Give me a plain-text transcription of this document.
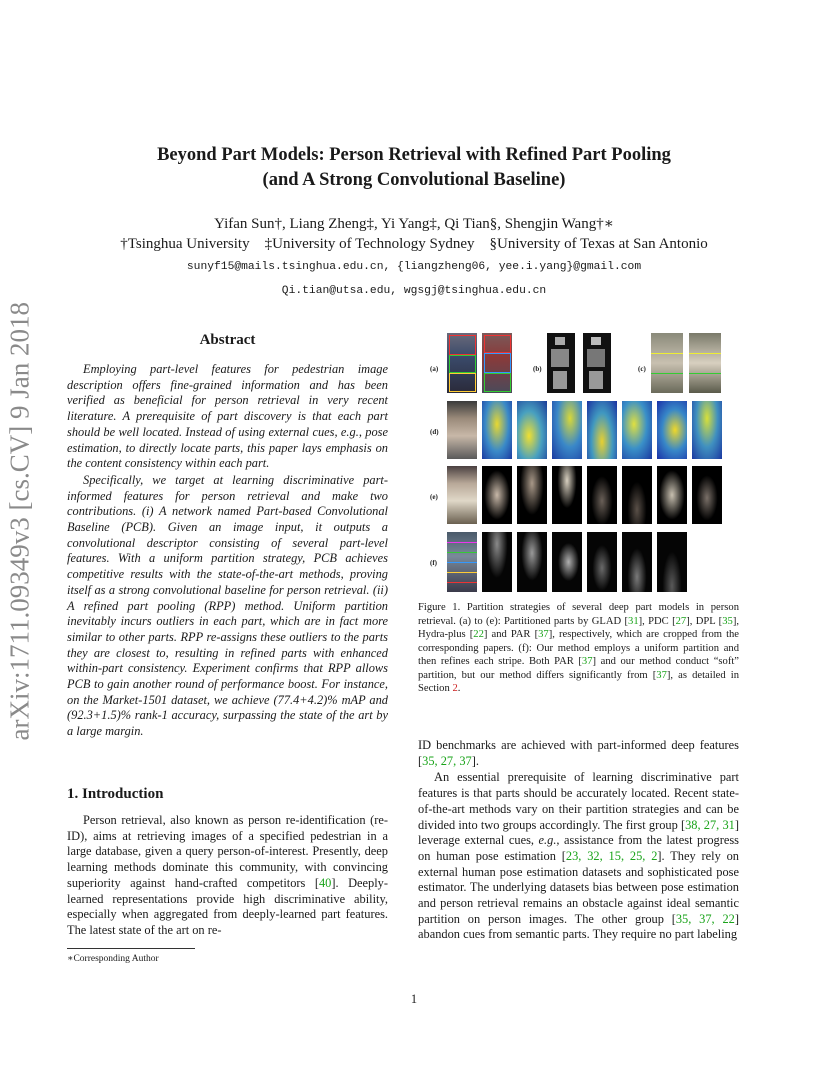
arXiv:1711.09349v3 [cs.CV] 9 Jan 2018
Beyond Part Models: Person Retrieval with Refined Part Pooling
(and A Strong Convolutional Baseline)
Yifan Sun†, Liang Zheng‡, Yi Yang‡, Qi Tian§, Shengjin Wang†∗
†Tsinghua University ‡University of Technology Sydney §University of Texas at San Antonio
sunyf15@mails.tsinghua.edu.cn, {liangzheng06, yee.i.yang}@gmail.com
Qi.tian@utsa.edu, wgsgj@tsinghua.edu.cn
Abstract

Employing part-level features for pedestrian image description offers fine-grained information and has been verified as beneficial for person retrieval in very recent literature. A prerequisite of part discovery is that each part should be well located. Instead of using external cues, e.g., pose estimation, to directly locate parts, this paper lays emphasis on the content consistency within each part.

Specifically, we target at learning discriminative part-informed features for person retrieval and make two contributions. (i) A network named Part-based Convolutional Baseline (PCB). Given an image input, it outputs a convolutional descriptor consisting of several part-level features. With a uniform partition strategy, PCB achieves competitive results with the state-of-the-art methods, proving itself as a strong convolutional baseline for person retrieval. (ii) A refined part pooling (RPP) method. Uniform partition inevitably incurs outliers in each part, which are in fact more similar to other parts. RPP re-assigns these outliers to the parts they are closest to, resulting in refined parts with enhanced within-part consistency. Experiment confirms that RPP allows PCB to gain another round of performance boost. For instance, on the Market-1501 dataset, we achieve (77.4+4.2)% mAP and (92.3+1.5)% rank-1 accuracy, surpassing the state of the art by a large margin.

1. Introduction

Person retrieval, also known as person re-identification (re-ID), aims at retrieving images of a specified pedestrian in a large database, given a query person-of-interest. Presently, deep learning methods dominate this community, with convincing superiority against hand-crafted competitors [40]. Deeply-learned representations provide high discriminative ability, especially when aggregated from deeply-learned part features. The latest state of the art on re-

∗Corresponding Author
(a)	(b)	(c)
(d)
(e)
(f)
Figure 1. Partition strategies of several deep part models in person retrieval. (a) to (e): Partitioned parts by GLAD [31], PDC [27], DPL [35], Hydra-plus [22] and PAR [37], respectively, which are cropped from the corresponding papers. (f): Our method employs a uniform partition and then refines each stripe. Both PAR [37] and our method conduct “soft” partition, but our method differs significantly from [37], as detailed in Section 2.

ID benchmarks are achieved with part-informed deep features [35, 27, 37].

An essential prerequisite of learning discriminative part features is that parts should be accurately located. Recent state-of-the-art methods vary on their partition strategies and can be divided into two groups accordingly. The first group [38, 27, 31] leverage external cues, e.g., assistance from the latest progress on human pose estimation [23, 32, 15, 25, 2]. They rely on external human pose estimation datasets and sophisticated pose estimator. The underlying datasets bias between pose estimation and person retrieval remains an obstacle against ideal semantic partition on person images. The other group [35, 37, 22] abandon cues from semantic parts. They require no part labeling

1
